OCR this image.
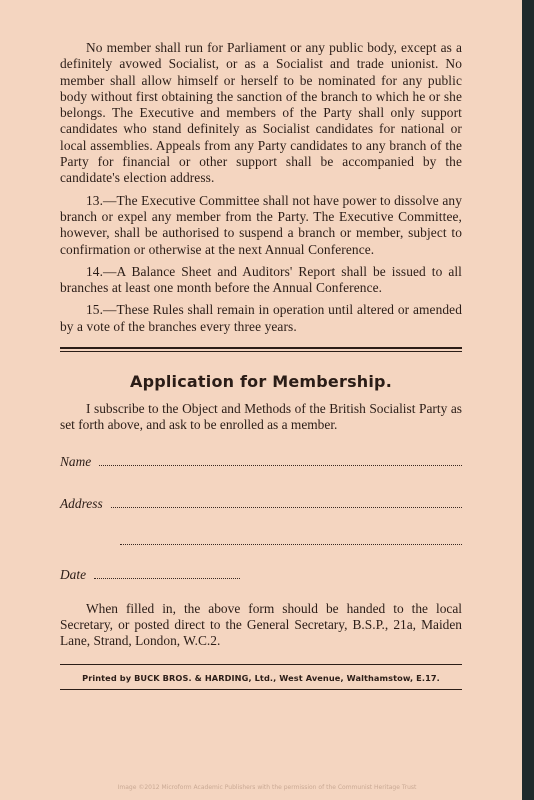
No member shall run for Parliament or any public body, except as a definitely avowed Socialist, or as a Socialist and trade unionist. No member shall allow himself or herself to be nominated for any public body without first obtaining the sanction of the branch to which he or she belongs. The Executive and members of the Party shall only support candidates who stand definitely as Socialist candidates for national or local assemblies. Appeals from any Party candidates to any branch of the Party for financial or other support shall be accompanied by the candidate's election address.

13.—The Executive Committee shall not have power to dissolve any branch or expel any member from the Party. The Executive Committee, however, shall be authorised to suspend a branch or member, subject to confirmation or otherwise at the next Annual Conference.

14.—A Balance Sheet and Auditors' Report shall be issued to all branches at least one month before the Annual Conference.

15.—These Rules shall remain in operation until altered or amended by a vote of the branches every three years.

Application for Membership.

I subscribe to the Object and Methods of the British Socialist Party as set forth above, and ask to be enrolled as a member.

Name
Address
Date

When filled in, the above form should be handed to the local Secretary, or posted direct to the General Secretary, B.S.P., 21a, Maiden Lane, Strand, London, W.C.2.

Printed by BUCK BROS. & HARDING, Ltd., West Avenue, Walthamstow, E.17.
Image ©2012 Microform Academic Publishers with the permission of the Communist Heritage Trust
